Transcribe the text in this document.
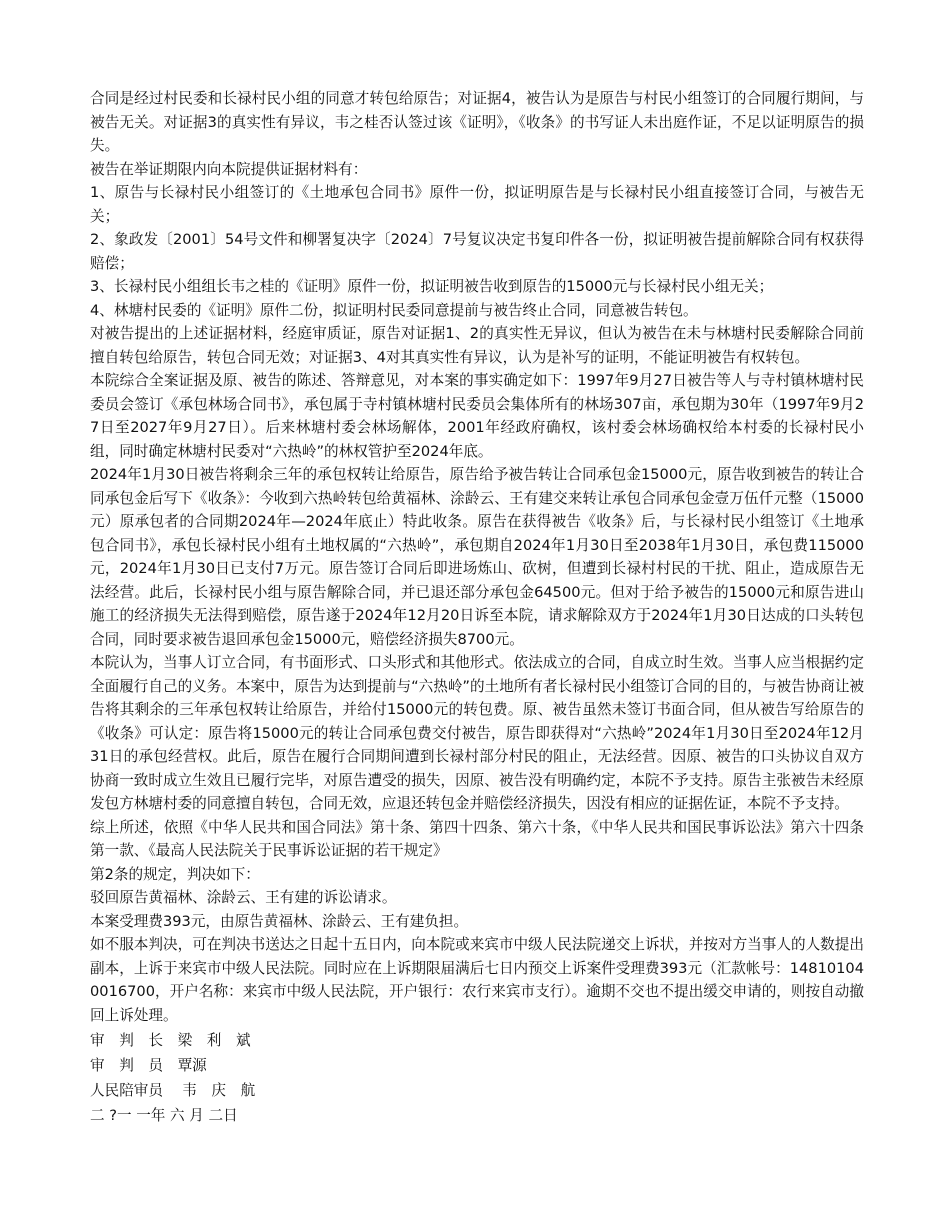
合同是经过村民委和长禄村民小组的同意才转包给原告；对证据4，被告认为是原告与村民小组签订的合同履行期间，与被告无关。对证据3的真实性有异议，韦之桂否认签过该《证明》，《收条》的书写证人未出庭作证，不足以证明原告的损失。

被告在举证期限内向本院提供证据材料有：

1、原告与长禄村民小组签订的《土地承包合同书》原件一份，拟证明原告是与长禄村民小组直接签订合同，与被告无关；

2、象政发〔2001〕54号文件和柳署复决字〔2024〕7号复议决定书复印件各一份，拟证明被告提前解除合同有权获得赔偿；

3、长禄村民小组组长韦之桂的《证明》原件一份，拟证明被告收到原告的15000元与长禄村民小组无关；

4、林塘村民委的《证明》原件二份，拟证明村民委同意提前与被告终止合同，同意被告转包。

对被告提出的上述证据材料，经庭审质证，原告对证据1、2的真实性无异议，但认为被告在未与林塘村民委解除合同前擅自转包给原告，转包合同无效；对证据3、4对其真实性有异议，认为是补写的证明，不能证明被告有权转包。

本院综合全案证据及原、被告的陈述、答辩意见，对本案的事实确定如下：1997年9月27日被告等人与寺村镇林塘村民委员会签订《承包林场合同书》，承包属于寺村镇林塘村民委员会集体所有的林场307亩，承包期为30年（1997年9月27日至2027年9月27日）。后来林塘村委会林场解体，2001年经政府确权，该村委会林场确权给本村委的长禄村民小组，同时确定林塘村民委对“六热岭”的林权管护至2024年底。

2024年1月30日被告将剩余三年的承包权转让给原告，原告给予被告转让合同承包金15000元，原告收到被告的转让合同承包金后写下《收条》：今收到六热岭转包给黄福林、涂龄云、王有建交来转让承包合同承包金壹万伍仟元整（15000元）原承包者的合同期2024年—2024年底止）特此收条。原告在获得被告《收条》后，与长禄村民小组签订《土地承包合同书》，承包长禄村民小组有土地权属的“六热岭”，承包期自2024年1月30日至2038年1月30日，承包费115000元，2024年1月30日已支付7万元。原告签订合同后即进场炼山、砍树，但遭到长禄村村民的干扰、阻止，造成原告无法经营。此后，长禄村民小组与原告解除合同，并已退还部分承包金64500元。但对于给予被告的15000元和原告进山施工的经济损失无法得到赔偿，原告遂于2024年12月20日诉至本院，请求解除双方于2024年1月30日达成的口头转包合同，同时要求被告退回承包金15000元，赔偿经济损失8700元。

本院认为，当事人订立合同，有书面形式、口头形式和其他形式。依法成立的合同，自成立时生效。当事人应当根据约定全面履行自己的义务。本案中，原告为达到提前与“六热岭”的土地所有者长禄村民小组签订合同的目的，与被告协商让被告将其剩余的三年承包权转让给原告，并给付15000元的转包费。原、被告虽然未签订书面合同，但从被告写给原告的《收条》可认定：原告将15000元的转让合同承包费交付被告，原告即获得对“六热岭”2024年1月30日至2024年12月31日的承包经营权。此后，原告在履行合同期间遭到长禄村部分村民的阻止，无法经营。因原、被告的口头协议自双方协商一致时成立生效且已履行完毕，对原告遭受的损失，因原、被告没有明确约定，本院不予支持。原告主张被告未经原发包方林塘村委的同意擅自转包，合同无效，应退还转包金并赔偿经济损失，因没有相应的证据佐证，本院不予支持。

综上所述，依照《中华人民共和国合同法》第十条、第四十四条、第六十条，《中华人民共和国民事诉讼法》第六十四条第一款、《最高人民法院关于民事诉讼证据的若干规定》

第2条的规定，判决如下：

驳回原告黄福林、涂龄云、王有建的诉讼请求。

本案受理费393元，由原告黄福林、涂龄云、王有建负担。

如不服本判决，可在判决书送达之日起十五日内，向本院或来宾市中级人民法院递交上诉状，并按对方当事人的人数提出副本，上诉于来宾市中级人民法院。同时应在上诉期限届满后七日内预交上诉案件受理费393元（汇款帐号：148101040016700，开户名称：来宾市中级人民法院，开户银行：农行来宾市支行）。逾期不交也不提出缓交申请的，则按自动撤回上诉处理。

审　判　长　梁　利　斌

审　判　员　覃源

人民陪审员　 韦　庆　航

二 ?一 一年 六 月 二日
